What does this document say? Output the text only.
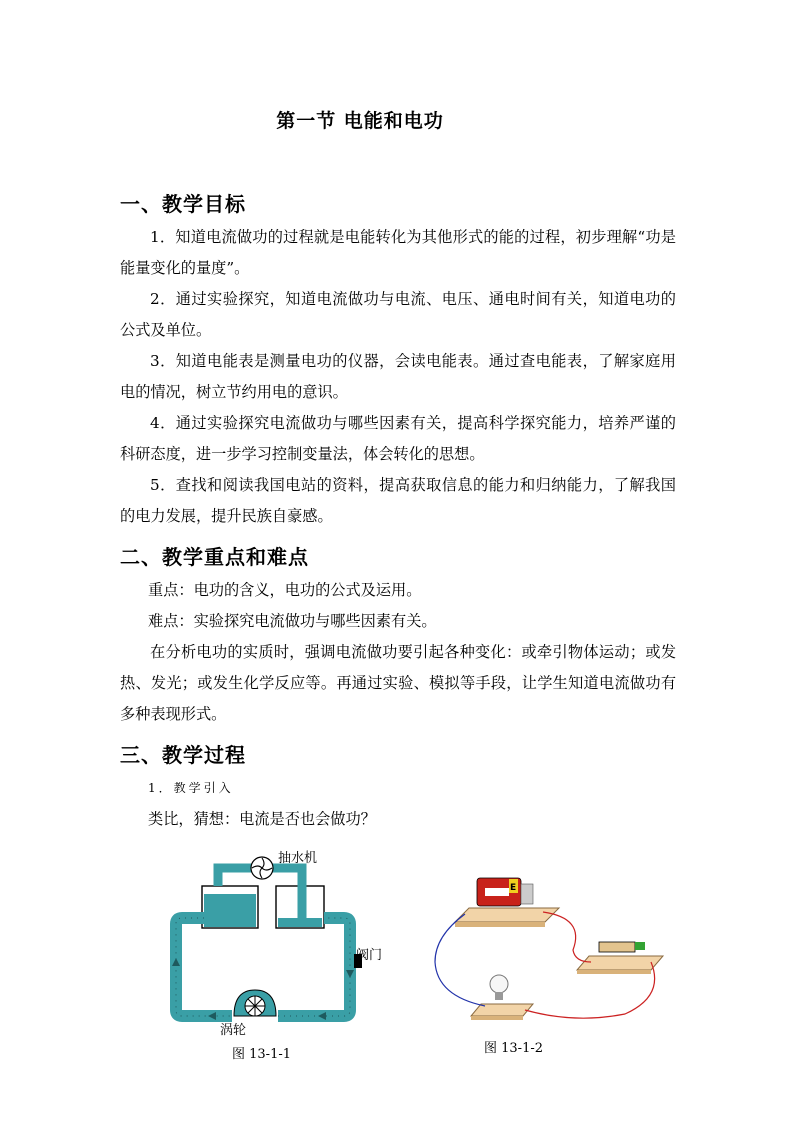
第一节 电能和电功
一、教学目标
1．知道电流做功的过程就是电能转化为其他形式的能的过程，初步理解“功是能量变化的量度”。
2．通过实验探究，知道电流做功与电流、电压、通电时间有关，知道电功的公式及单位。
3．知道电能表是测量电功的仪器，会读电能表。通过查电能表，了解家庭用电的情况，树立节约用电的意识。
4．通过实验探究电流做功与哪些因素有关，提高科学探究能力，培养严谨的科研态度，进一步学习控制变量法，体会转化的思想。
5．查找和阅读我国电站的资料，提高获取信息的能力和归纳能力，了解我国的电力发展，提升民族自豪感。
二、教学重点和难点
重点：电功的含义，电功的公式及运用。
难点：实验探究电流做功与哪些因素有关。
在分析电功的实质时，强调电流做功要引起各种变化：或牵引物体运动；或发热、发光；或发生化学反应等。再通过实验、模拟等手段，让学生知道电流做功有多种表现形式。
三、教学过程
1．教学引入
类比，猜想：电流是否也会做功？
抽水机
阀门
涡轮
图 13-1-1
E
图 13-1-2
